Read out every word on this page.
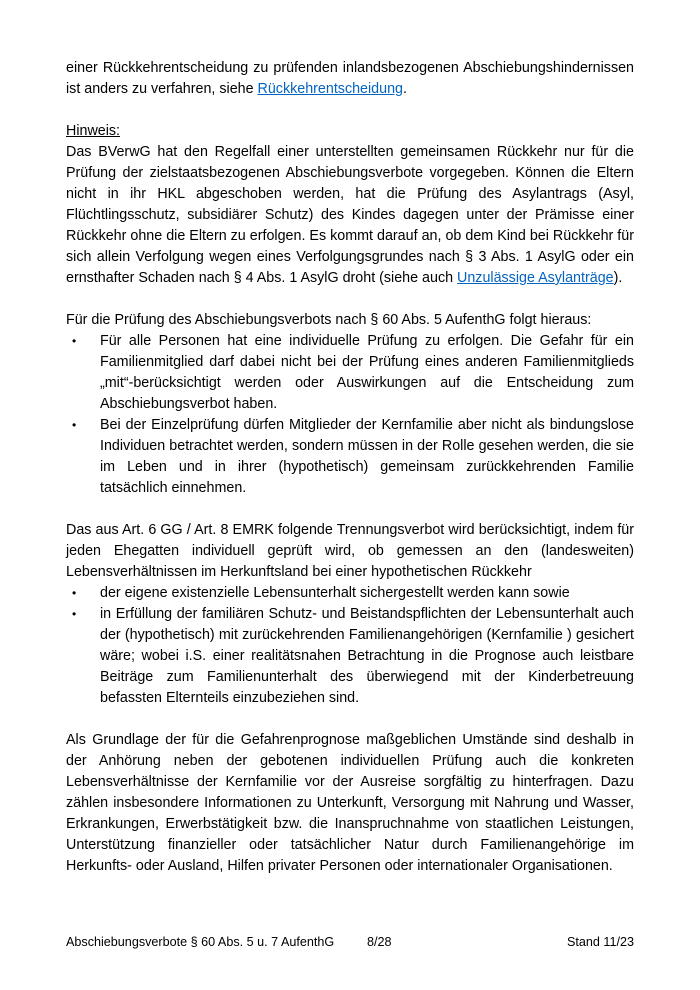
einer Rückkehrentscheidung zu prüfenden inlandsbezogenen Abschiebungshindernissen ist anders zu verfahren, siehe Rückkehrentscheidung.

Hinweis:

Das BVerwG hat den Regelfall einer unterstellten gemeinsamen Rückkehr nur für die Prüfung der zielstaatsbezogenen Abschiebungsverbote vorgegeben. Können die Eltern nicht in ihr HKL abgeschoben werden, hat die Prüfung des Asylantrags (Asyl, Flüchtlingsschutz, subsidiärer Schutz) des Kindes dagegen unter der Prämisse einer Rückkehr ohne die Eltern zu erfolgen. Es kommt darauf an, ob dem Kind bei Rückkehr für sich allein Verfolgung wegen eines Verfolgungsgrundes nach § 3 Abs. 1 AsylG oder ein ernsthafter Schaden nach § 4 Abs. 1 AsylG droht (siehe auch Unzulässige Asylanträge).

Für die Prüfung des Abschiebungsverbots nach § 60 Abs. 5 AufenthG folgt hieraus:

• Für alle Personen hat eine individuelle Prüfung zu erfolgen. Die Gefahr für ein Familienmitglied darf dabei nicht bei der Prüfung eines anderen Familienmitglieds „mit“-berücksichtigt werden oder Auswirkungen auf die Entscheidung zum Abschiebungsverbot haben.
• Bei der Einzelprüfung dürfen Mitglieder der Kernfamilie aber nicht als bindungslose Individuen betrachtet werden, sondern müssen in der Rolle gesehen werden, die sie im Leben und in ihrer (hypothetisch) gemeinsam zurückkehrenden Familie tatsächlich einnehmen.

Das aus Art. 6 GG / Art. 8 EMRK folgende Trennungsverbot wird berücksichtigt, indem für jeden Ehegatten individuell geprüft wird, ob gemessen an den (landesweiten) Lebensverhältnissen im Herkunftsland bei einer hypothetischen Rückkehr

• der eigene existenzielle Lebensunterhalt sichergestellt werden kann sowie
• in Erfüllung der familiären Schutz- und Beistandspflichten der Lebensunterhalt auch der (hypothetisch) mit zurückehrenden Familienangehörigen (Kernfamilie ) gesichert wäre; wobei i.S. einer realitätsnahen Betrachtung in die Prognose auch leistbare Beiträge zum Familienunterhalt des überwiegend mit der Kinderbetreuung befassten Elternteils einzubeziehen sind.

Als Grundlage der für die Gefahrenprognose maßgeblichen Umstände sind deshalb in der Anhörung neben der gebotenen individuellen Prüfung auch die konkreten Lebensverhältnisse der Kernfamilie vor der Ausreise sorgfältig zu hinterfragen. Dazu zählen insbesondere Informationen zu Unterkunft, Versorgung mit Nahrung und Wasser, Erkrankungen, Erwerbstätigkeit bzw. die Inanspruchnahme von staatlichen Leistungen, Unterstützung finanzieller oder tatsächlicher Natur durch Familienangehörige im Herkunfts- oder Ausland, Hilfen privater Personen oder internationaler Organisationen.

Abschiebungsverbote § 60 Abs. 5 u. 7 AufenthG	8/28	Stand 11/23
